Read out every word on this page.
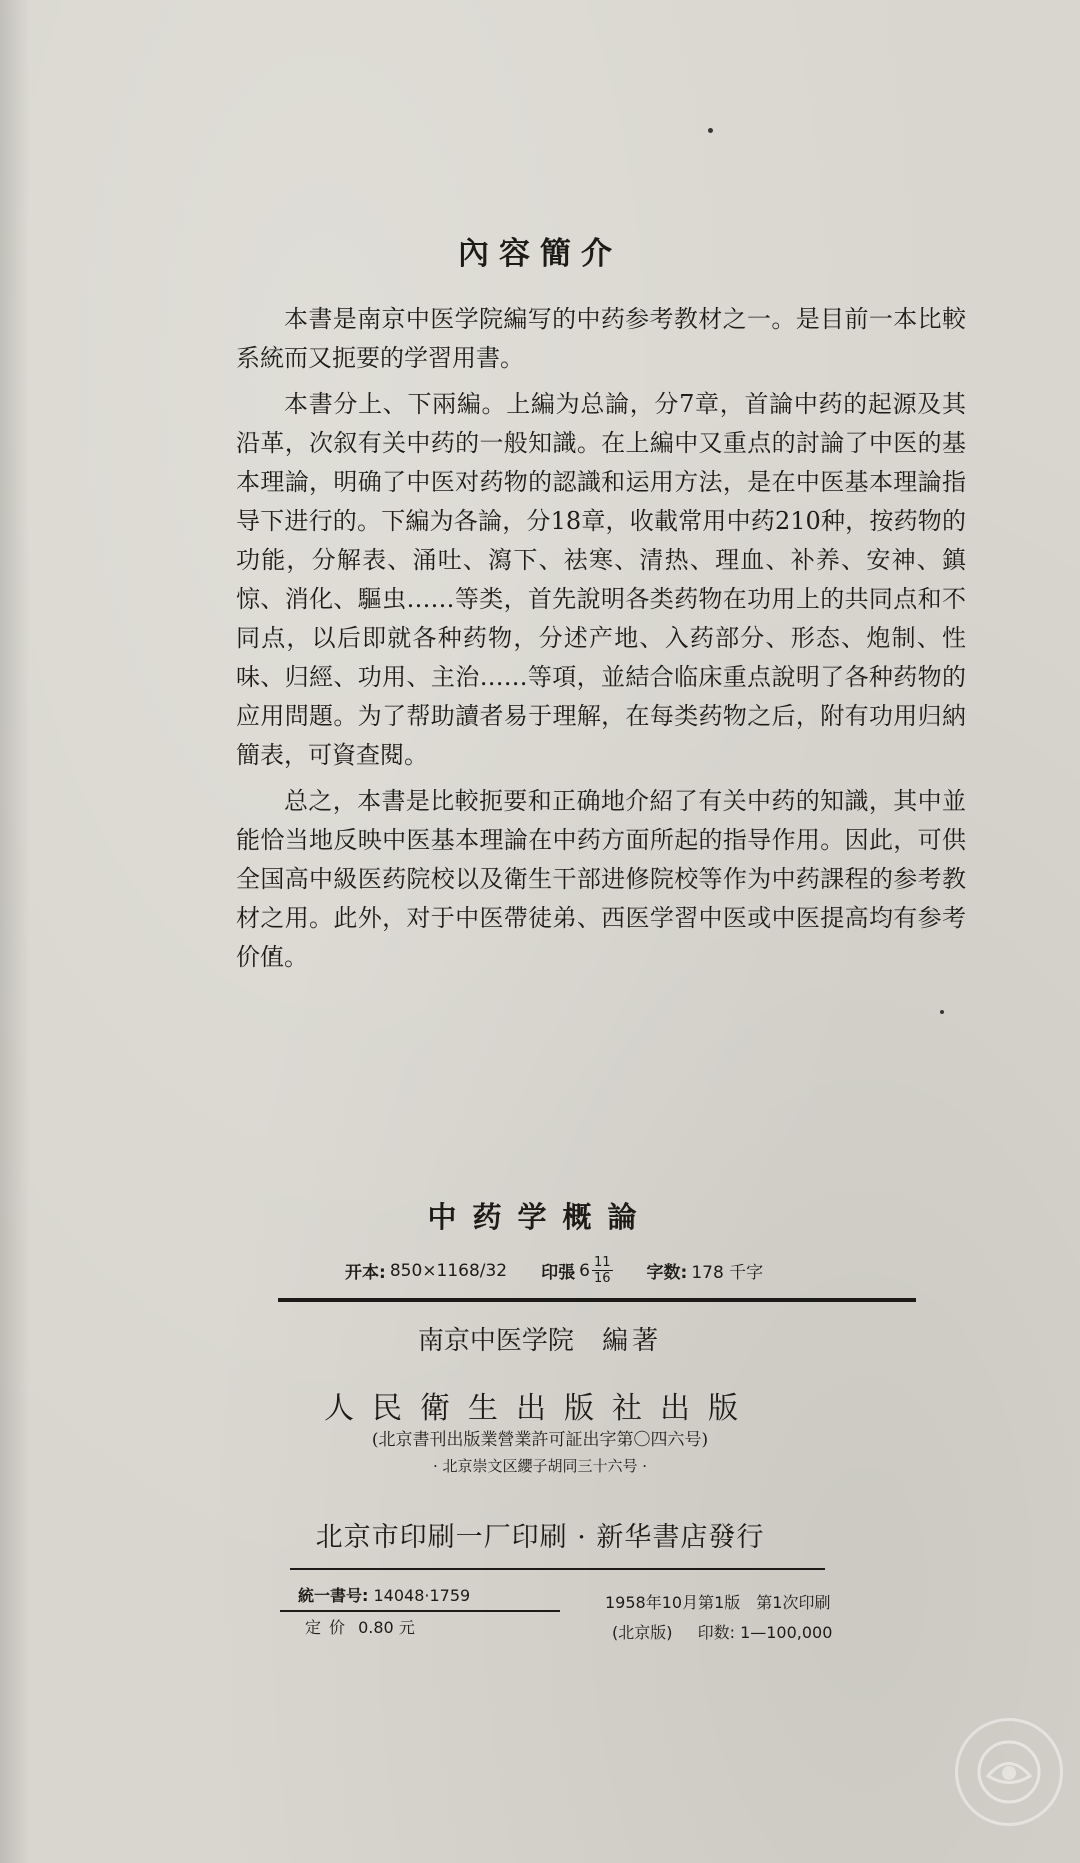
內容簡介

本書是南京中医学院編写的中药参考教材之一。是目前一本比較系統而又扼要的学習用書。

本書分上、下兩編。上編为总論，分7章，首論中药的起源及其沿革，次叙有关中药的一般知識。在上編中又重点的討論了中医的基本理論，明确了中医对药物的認識和运用方法，是在中医基本理論指导下进行的。下編为各論，分18章，收載常用中药210种，按药物的功能，分解表、涌吐、瀉下、祛寒、清热、理血、补养、安神、鎮惊、消化、驅虫……等类，首先說明各类药物在功用上的共同点和不同点，以后即就各种药物，分述产地、入药部分、形态、炮制、性味、归經、功用、主治……等項，並結合临床重点說明了各种药物的应用問題。为了帮助讀者易于理解，在每类药物之后，附有功用归納簡表，可資查閱。

总之，本書是比較扼要和正确地介紹了有关中药的知識，其中並能恰当地反映中医基本理論在中药方面所起的指导作用。因此，可供全国高中級医药院校以及衛生干部进修院校等作为中药課程的参考教材之用。此外，对于中医帶徒弟、西医学習中医或中医提高均有参考价值。

中药学概論
开本: 850×1168/32 印張 $6 \frac{11}{16}$ 字数: 178 千字
南京中医学院 編著
人民衛生出版社出版
(北京書刊出版業營業許可証出字第〇四六号)
· 北京崇文区纓子胡同三十六号 ·
北京市印刷一厂印刷 · 新华書店發行
統一書号: 14048·1759
定价 0.80 元
1958年10月第1版　第1次印刷
(北京版) 印数: 1—100,000
